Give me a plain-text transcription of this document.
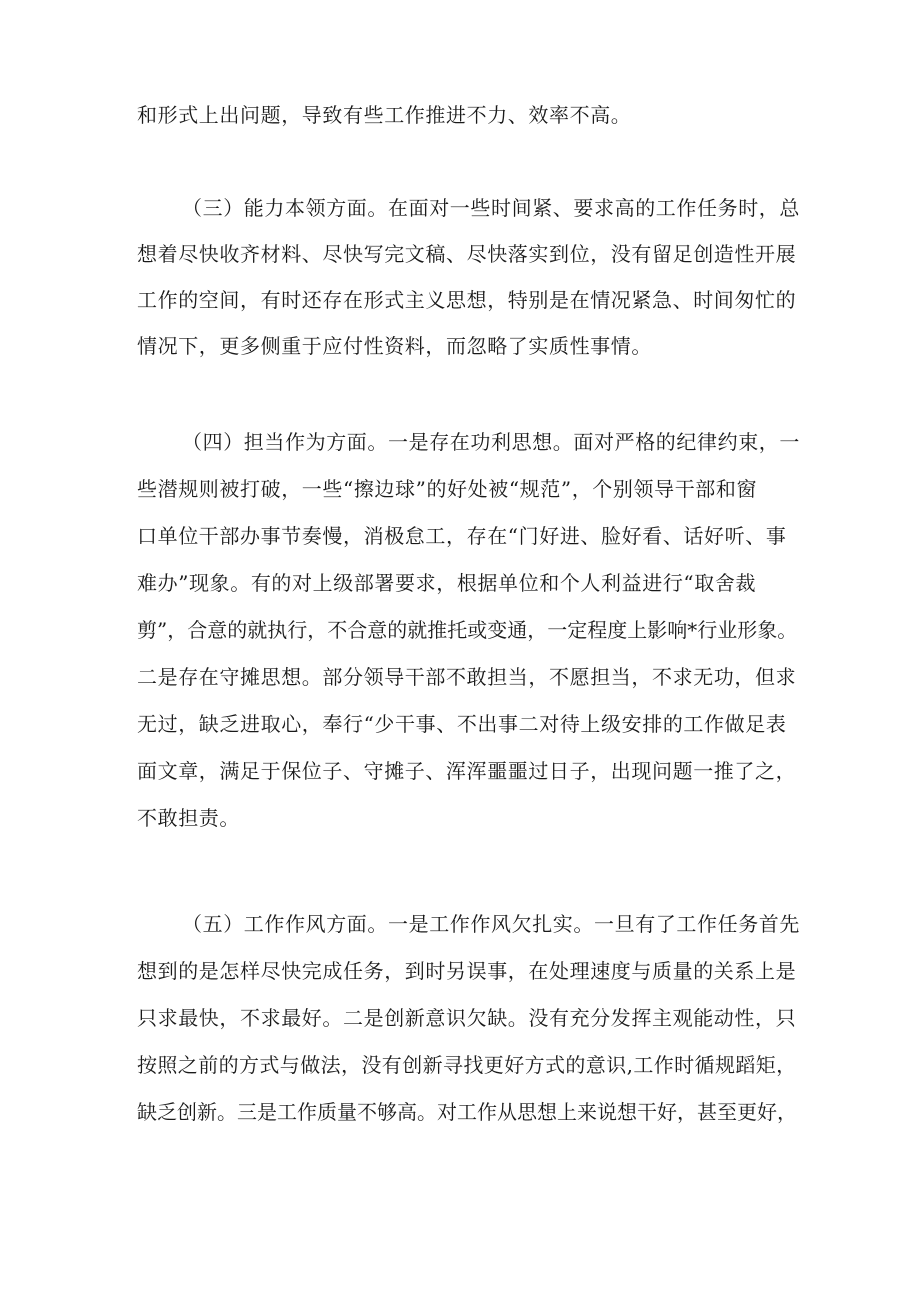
和形式上出问题，导致有些工作推进不力、效率不高。

（三）能力本领方面。在面对一些时间紧、要求高的工作任务时，总

想着尽快收齐材料、尽快写完文稿、尽快落实到位，没有留足创造性开展

工作的空间，有时还存在形式主义思想，特别是在情况紧急、时间匆忙的

情况下，更多侧重于应付性资料，而忽略了实质性事情。

（四）担当作为方面。一是存在功利思想。面对严格的纪律约束，一

些潜规则被打破，一些“擦边球”的好处被“规范”，个别领导干部和窗

口单位干部办事节奏慢，消极怠工，存在“门好进、脸好看、话好听、事

难办”现象。有的对上级部署要求，根据单位和个人利益进行“取舍裁

剪”，合意的就执行，不合意的就推托或变通，一定程度上影响*行业形象。

二是存在守摊思想。部分领导干部不敢担当，不愿担当，不求无功，但求

无过，缺乏进取心，奉行“少干事、不出事二对待上级安排的工作做足表

面文章，满足于保位子、守摊子、浑浑噩噩过日子，出现问题一推了之，

不敢担责。

（五）工作作风方面。一是工作作风欠扎实。一旦有了工作任务首先

想到的是怎样尽快完成任务，到时另误事，在处理速度与质量的关系上是

只求最快，不求最好。二是创新意识欠缺。没有充分发挥主观能动性，只

按照之前的方式与做法，没有创新寻找更好方式的意识,工作时循规蹈矩，

缺乏创新。三是工作质量不够高。对工作从思想上来说想干好，甚至更好，
